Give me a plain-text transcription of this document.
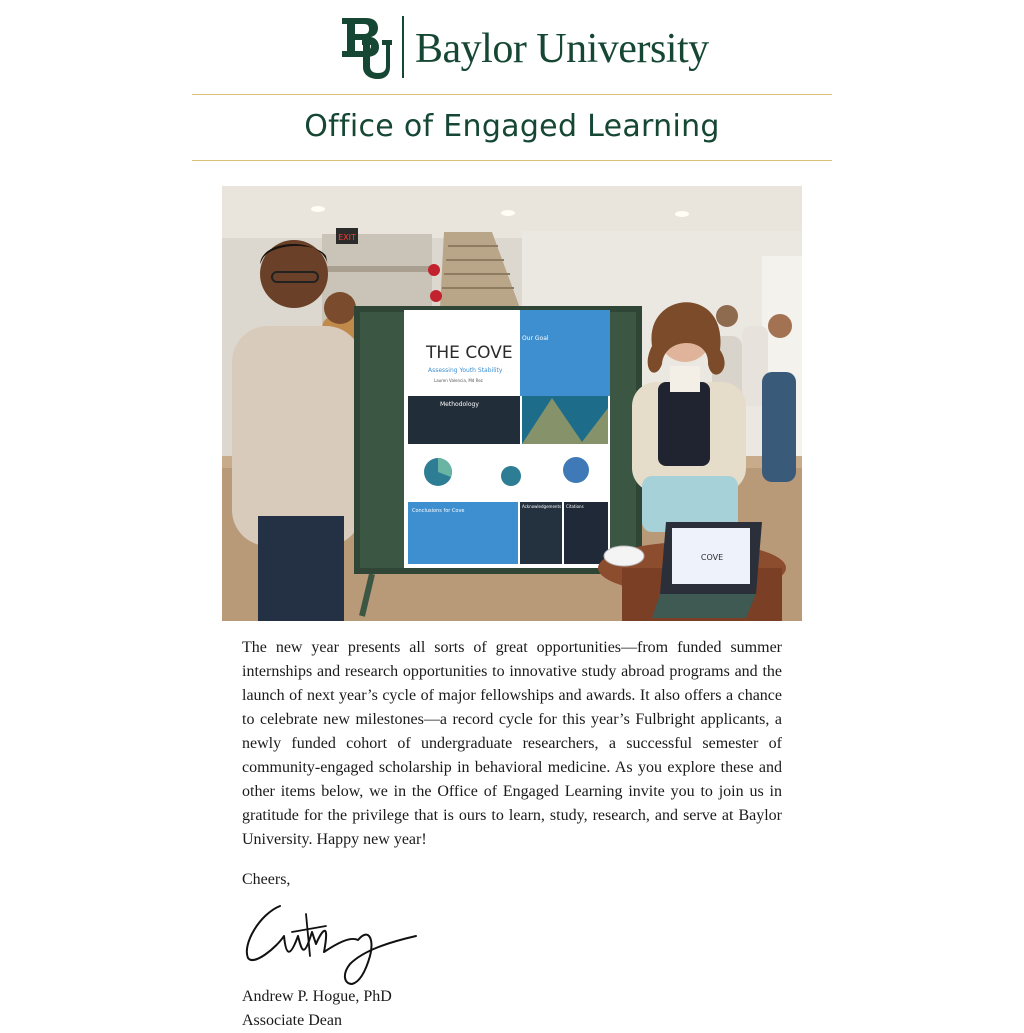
Baylor University
Office of Engaged Learning
EXIT
Our Goal
THE COVE
Assessing Youth Stability
Lauren Valencia, Md Rez
Methodology
Conclusions for Cove
Acknowledgements Citations
COVE

The new year presents all sorts of great opportunities—from funded summer internships and research opportunities to innovative study abroad programs and the launch of next year’s cycle of major fellowships and awards. It also offers a chance to celebrate new milestones—a record cycle for this year’s Fulbright applicants, a newly funded cohort of undergraduate researchers, a successful semester of community-engaged scholarship in behavioral medicine. As you explore these and other items below, we in the Office of Engaged Learning invite you to join us in gratitude for the privilege that is ours to learn, study, research, and serve at Baylor University. Happy new year!

Cheers,

Andrew P. Hogue, PhD

Associate Dean
